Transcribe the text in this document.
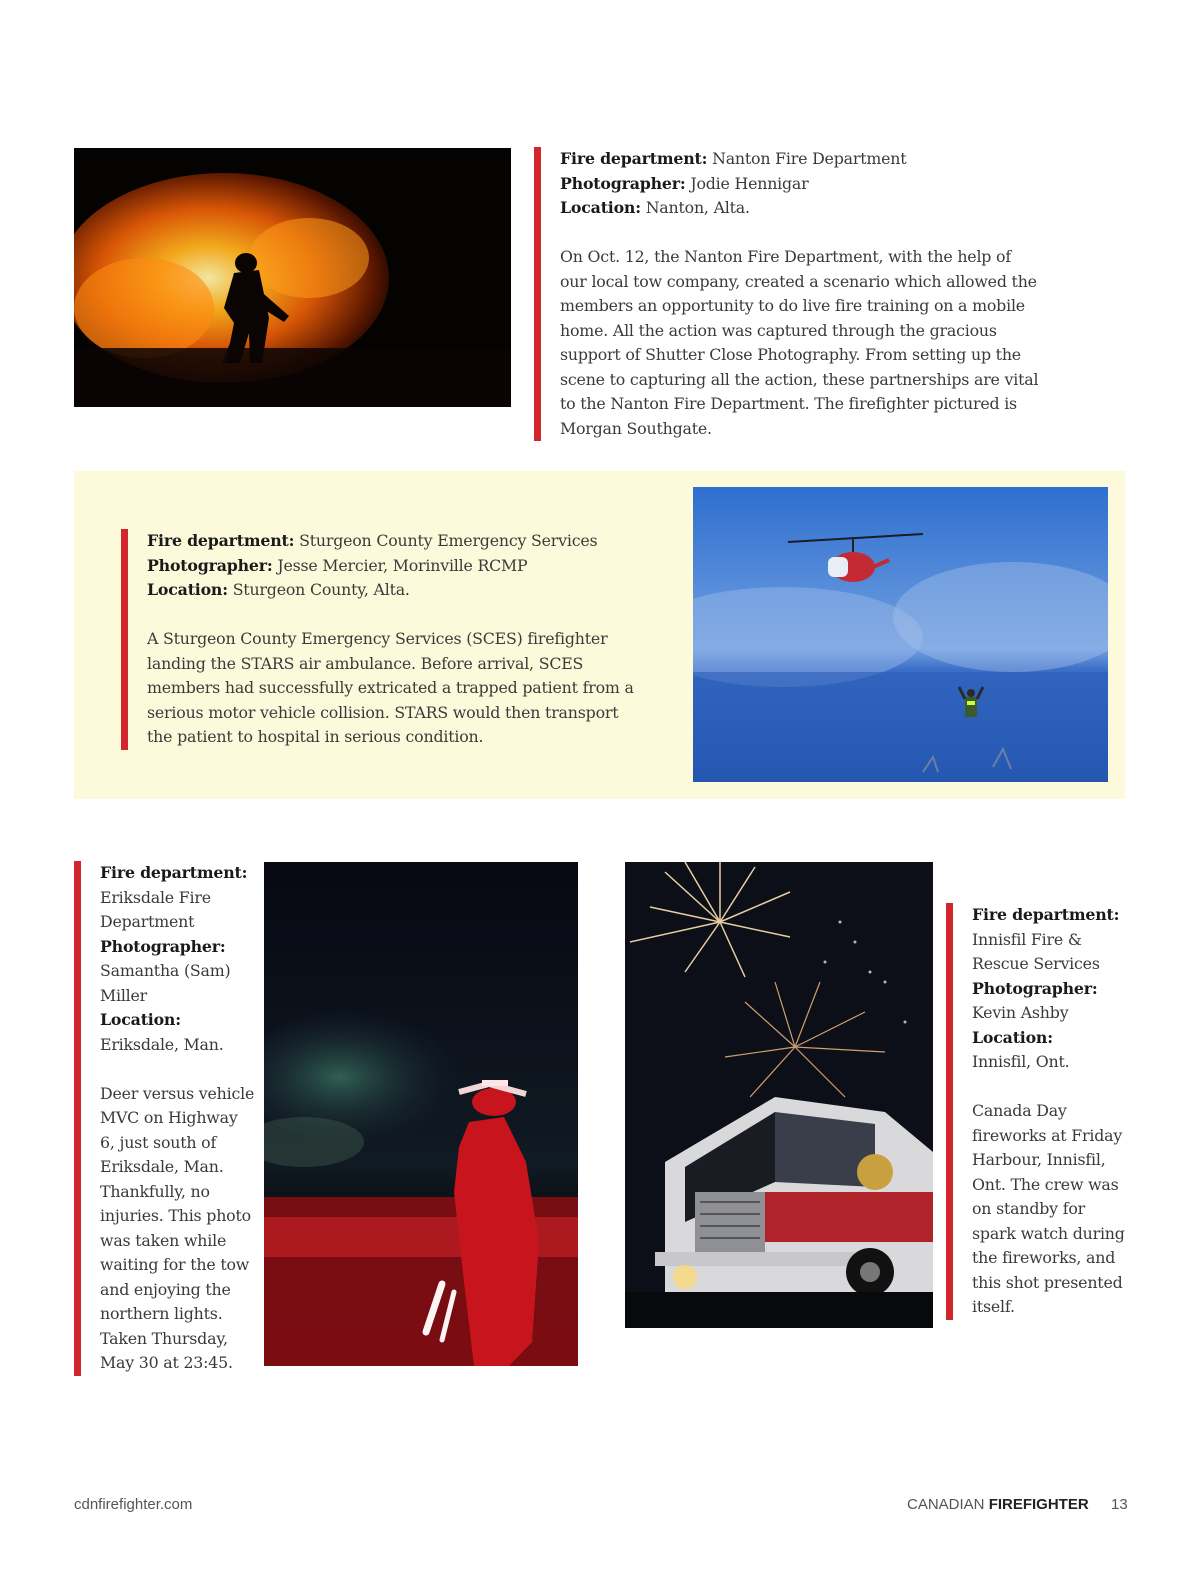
Fire department: Nanton Fire Department

Photographer: Jodie Hennigar

Location: Nanton, Alta.

On Oct. 12, the Nanton Fire Department, with the help of our local tow company, created a scenario which allowed the members an opportunity to do live fire training on a mobile home. All the action was captured through the gracious support of Shutter Close Photography. From setting up the scene to capturing all the action, these partnerships are vital to the Nanton Fire Department. The firefighter pictured is Morgan Southgate.

Fire department: Sturgeon County Emergency Services

Photographer: Jesse Mercier, Morinville RCMP

Location: Sturgeon County, Alta.

A Sturgeon County Emergency Services (SCES) firefighter landing the STARS air ambulance. Before arrival, SCES members had successfully extricated a trapped patient from a serious motor vehicle collision. STARS would then transport the patient to hospital in serious condition.

Fire department:
Eriksdale Fire Department

Photographer:
Samantha (Sam) Miller

Location:
Eriksdale, Man.

Deer versus vehicle MVC on Highway 6, just south of Eriksdale, Man. Thankfully, no injuries. This photo was taken while waiting for the tow and enjoying the northern lights. Taken Thursday, May 30 at 23:45.

Fire department:
Innisfil Fire & Rescue Services

Photographer:
Kevin Ashby

Location:
Innisfil, Ont.

Canada Day fireworks at Friday Harbour, Innisfil, Ont. The crew was on standby for spark watch during the fireworks, and this shot presented itself.

cdnfirefighter.com	CANADIAN FIREFIGHTER 13
